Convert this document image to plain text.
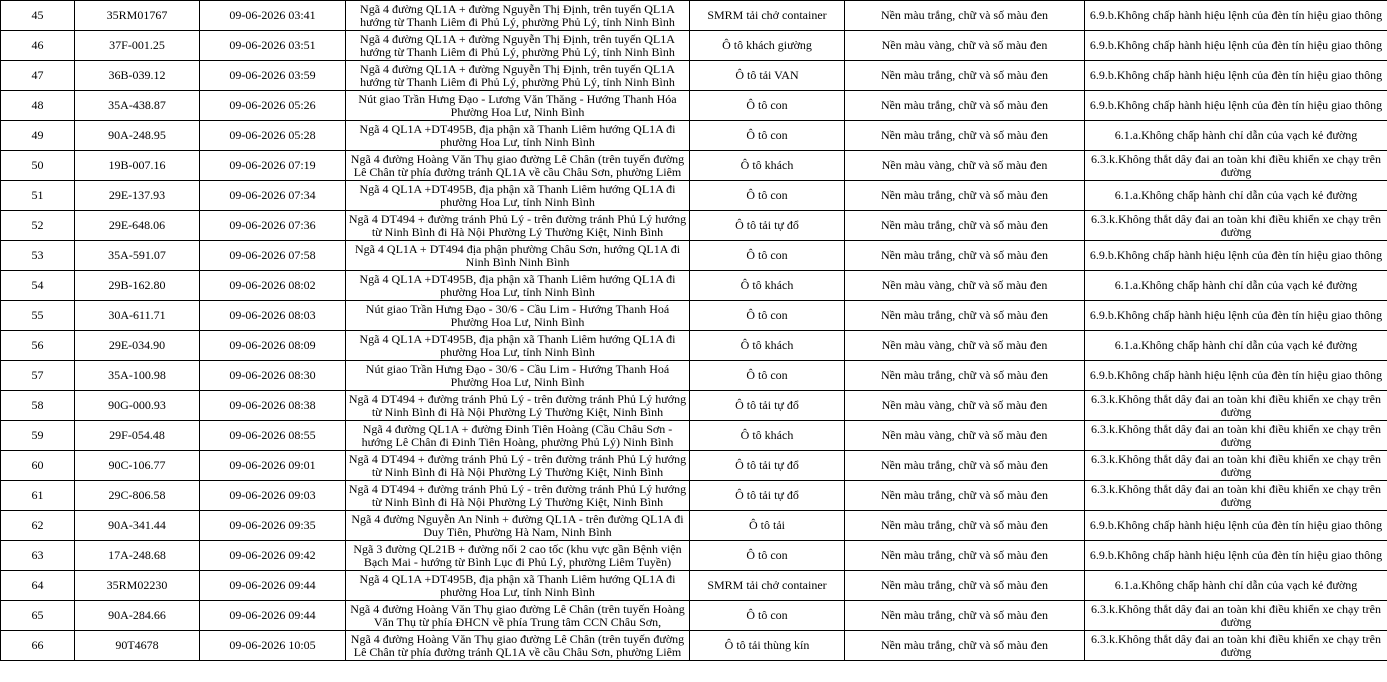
45	35RM01767	09-06-2026 03:41	Ngã 4 đường QL1A + đường Nguyễn Thị Định, trên tuyến QL1A hướng từ Thanh Liêm đi Phủ Lý, phường Phủ Lý, tỉnh Ninh Bình	SMRM tải chở container	Nền màu trắng, chữ và số màu đen	6.9.b.Không chấp hành hiệu lệnh của đèn tín hiệu giao thông
46	37F-001.25	09-06-2026 03:51	Ngã 4 đường QL1A + đường Nguyễn Thị Định, trên tuyến QL1A hướng từ Thanh Liêm đi Phủ Lý, phường Phủ Lý, tỉnh Ninh Bình	Ô tô khách giường	Nền màu vàng, chữ và số màu đen	6.9.b.Không chấp hành hiệu lệnh của đèn tín hiệu giao thông
47	36B-039.12	09-06-2026 03:59	Ngã 4 đường QL1A + đường Nguyễn Thị Định, trên tuyến QL1A hướng từ Thanh Liêm đi Phủ Lý, phường Phủ Lý, tỉnh Ninh Bình	Ô tô tải VAN	Nền màu trắng, chữ và số màu đen	6.9.b.Không chấp hành hiệu lệnh của đèn tín hiệu giao thông
48	35A-438.87	09-06-2026 05:26	Nút giao Trần Hưng Đạo - Lương Văn Thăng - Hướng Thanh Hóa Phường Hoa Lư, Ninh Bình	Ô tô con	Nền màu trắng, chữ và số màu đen	6.9.b.Không chấp hành hiệu lệnh của đèn tín hiệu giao thông
49	90A-248.95	09-06-2026 05:28	Ngã 4 QL1A +DT495B, địa phận xã Thanh Liêm hướng QL1A đi phường Hoa Lư, tỉnh Ninh Bình	Ô tô con	Nền màu trắng, chữ và số màu đen	6.1.a.Không chấp hành chỉ dẫn của vạch kẻ đường
50	19B-007.16	09-06-2026 07:19	Ngã 4 đường Hoàng Văn Thụ giao đường Lê Chân (trên tuyến đường Lê Chân từ phía đường tránh QL1A về cầu Châu Sơn, phường Liêm	Ô tô khách	Nền màu vàng, chữ và số màu đen	6.3.k.Không thắt dây đai an toàn khi điều khiển xe chạy trên đường
51	29E-137.93	09-06-2026 07:34	Ngã 4 QL1A +DT495B, địa phận xã Thanh Liêm hướng QL1A đi phường Hoa Lư, tỉnh Ninh Bình	Ô tô con	Nền màu trắng, chữ và số màu đen	6.1.a.Không chấp hành chỉ dẫn của vạch kẻ đường
52	29E-648.06	09-06-2026 07:36	Ngã 4 DT494 + đường tránh Phủ Lý - trên đường tránh Phủ Lý hướng từ Ninh Bình đi Hà Nội Phường Lý Thường Kiệt, Ninh Bình	Ô tô tải tự đổ	Nền màu trắng, chữ và số màu đen	6.3.k.Không thắt dây đai an toàn khi điều khiển xe chạy trên đường
53	35A-591.07	09-06-2026 07:58	Ngã 4 QL1A + DT494 địa phận phường Châu Sơn, hướng QL1A đi Ninh Bình Ninh Bình	Ô tô con	Nền màu trắng, chữ và số màu đen	6.9.b.Không chấp hành hiệu lệnh của đèn tín hiệu giao thông
54	29B-162.80	09-06-2026 08:02	Ngã 4 QL1A +DT495B, địa phận xã Thanh Liêm hướng QL1A đi phường Hoa Lư, tỉnh Ninh Bình	Ô tô khách	Nền màu vàng, chữ và số màu đen	6.1.a.Không chấp hành chỉ dẫn của vạch kẻ đường
55	30A-611.71	09-06-2026 08:03	Nút giao Trần Hưng Đạo - 30/6 - Cầu Lim - Hướng Thanh Hoá Phường Hoa Lư, Ninh Bình	Ô tô con	Nền màu trắng, chữ và số màu đen	6.9.b.Không chấp hành hiệu lệnh của đèn tín hiệu giao thông
56	29E-034.90	09-06-2026 08:09	Ngã 4 QL1A +DT495B, địa phận xã Thanh Liêm hướng QL1A đi phường Hoa Lư, tỉnh Ninh Bình	Ô tô khách	Nền màu vàng, chữ và số màu đen	6.1.a.Không chấp hành chỉ dẫn của vạch kẻ đường
57	35A-100.98	09-06-2026 08:30	Nút giao Trần Hưng Đạo - 30/6 - Cầu Lim - Hướng Thanh Hoá Phường Hoa Lư, Ninh Bình	Ô tô con	Nền màu trắng, chữ và số màu đen	6.9.b.Không chấp hành hiệu lệnh của đèn tín hiệu giao thông
58	90G-000.93	09-06-2026 08:38	Ngã 4 DT494 + đường tránh Phủ Lý - trên đường tránh Phủ Lý hướng từ Ninh Bình đi Hà Nội Phường Lý Thường Kiệt, Ninh Bình	Ô tô tải tự đổ	Nền màu vàng, chữ và số màu đen	6.3.k.Không thắt dây đai an toàn khi điều khiển xe chạy trên đường
59	29F-054.48	09-06-2026 08:55	Ngã 4 đường QL1A + đường Đinh Tiên Hoàng (Cầu Châu Sơn - hướng Lê Chân đi Đinh Tiên Hoàng, phường Phủ Lý) Ninh Bình	Ô tô khách	Nền màu vàng, chữ và số màu đen	6.3.k.Không thắt dây đai an toàn khi điều khiển xe chạy trên đường
60	90C-106.77	09-06-2026 09:01	Ngã 4 DT494 + đường tránh Phủ Lý - trên đường tránh Phủ Lý hướng từ Ninh Bình đi Hà Nội Phường Lý Thường Kiệt, Ninh Bình	Ô tô tải tự đổ	Nền màu trắng, chữ và số màu đen	6.3.k.Không thắt dây đai an toàn khi điều khiển xe chạy trên đường
61	29C-806.58	09-06-2026 09:03	Ngã 4 DT494 + đường tránh Phủ Lý - trên đường tránh Phủ Lý hướng từ Ninh Bình đi Hà Nội Phường Lý Thường Kiệt, Ninh Bình	Ô tô tải tự đổ	Nền màu trắng, chữ và số màu đen	6.3.k.Không thắt dây đai an toàn khi điều khiển xe chạy trên đường
62	90A-341.44	09-06-2026 09:35	Ngã 4 đường Nguyễn An Ninh + đường QL1A - trên đường QL1A đi Duy Tiên, Phường Hà Nam, Ninh Bình	Ô tô tải	Nền màu trắng, chữ và số màu đen	6.9.b.Không chấp hành hiệu lệnh của đèn tín hiệu giao thông
63	17A-248.68	09-06-2026 09:42	Ngã 3 đường QL21B + đường nối 2 cao tốc (khu vực gần Bệnh viện Bạch Mai - hướng từ Bình Lục đi Phủ Lý, phường Liêm Tuyền)	Ô tô con	Nền màu trắng, chữ và số màu đen	6.9.b.Không chấp hành hiệu lệnh của đèn tín hiệu giao thông
64	35RM02230	09-06-2026 09:44	Ngã 4 QL1A +DT495B, địa phận xã Thanh Liêm hướng QL1A đi phường Hoa Lư, tỉnh Ninh Bình	SMRM tải chở container	Nền màu trắng, chữ và số màu đen	6.1.a.Không chấp hành chỉ dẫn của vạch kẻ đường
65	90A-284.66	09-06-2026 09:44	Ngã 4 đường Hoàng Văn Thụ giao đường Lê Chân (trên tuyến Hoàng Văn Thụ từ phía ĐHCN về phía Trung tâm CCN Châu Sơn,	Ô tô con	Nền màu trắng, chữ và số màu đen	6.3.k.Không thắt dây đai an toàn khi điều khiển xe chạy trên đường
66	90T4678	09-06-2026 10:05	Ngã 4 đường Hoàng Văn Thụ giao đường Lê Chân (trên tuyến đường Lê Chân từ phía đường tránh QL1A về cầu Châu Sơn, phường Liêm	Ô tô tải thùng kín	Nền màu trắng, chữ và số màu đen	6.3.k.Không thắt dây đai an toàn khi điều khiển xe chạy trên đường
